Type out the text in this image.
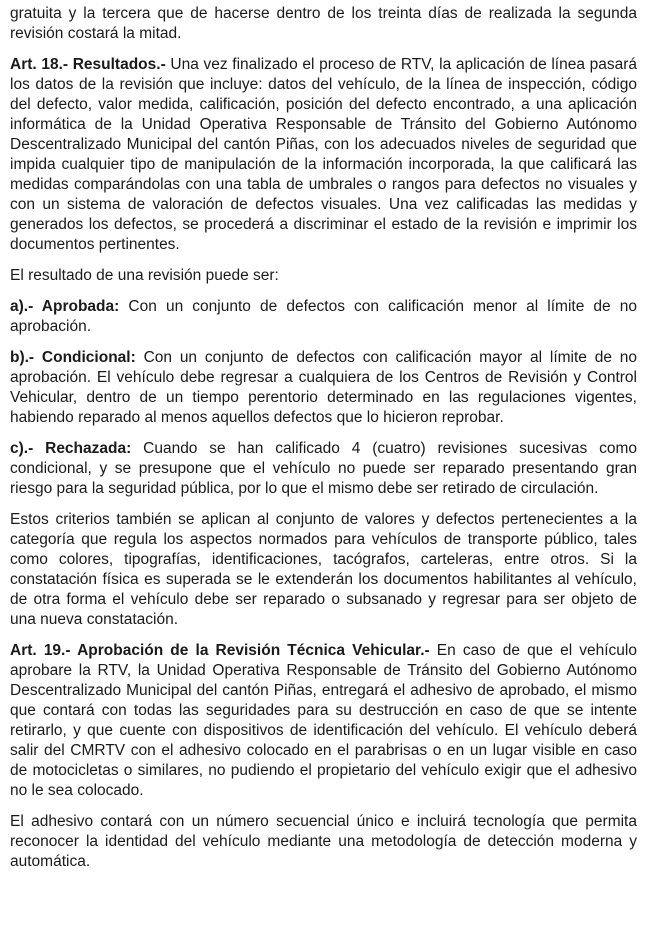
gratuita y la tercera que de hacerse dentro de los treinta días de realizada la segunda revisión costará la mitad.

Art. 18.- Resultados.- Una vez finalizado el proceso de RTV, la aplicación de línea pasará los datos de la revisión que incluye: datos del vehículo, de la línea de inspección, código del defecto, valor medida, calificación, posición del defecto encontrado, a una aplicación informática de la Unidad Operativa Responsable de Tránsito del Gobierno Autónomo Descentralizado Municipal del cantón Piñas, con los adecuados niveles de seguridad que impida cualquier tipo de manipulación de la información incorporada, la que calificará las medidas comparándolas con una tabla de umbrales o rangos para defectos no visuales y con un sistema de valoración de defectos visuales. Una vez calificadas las medidas y generados los defectos, se procederá a discriminar el estado de la revisión e imprimir los documentos pertinentes.

El resultado de una revisión puede ser:

a).- Aprobada: Con un conjunto de defectos con calificación menor al límite de no aprobación.

b).- Condicional: Con un conjunto de defectos con calificación mayor al límite de no aprobación. El vehículo debe regresar a cualquiera de los Centros de Revisión y Control Vehicular, dentro de un tiempo perentorio determinado en las regulaciones vigentes, habiendo reparado al menos aquellos defectos que lo hicieron reprobar.

c).- Rechazada: Cuando se han calificado 4 (cuatro) revisiones sucesivas como condicional, y se presupone que el vehículo no puede ser reparado presentando gran riesgo para la seguridad pública, por lo que el mismo debe ser retirado de circulación.

Estos criterios también se aplican al conjunto de valores y defectos pertenecientes a la categoría que regula los aspectos normados para vehículos de transporte público, tales como colores, tipografías, identificaciones, tacógrafos, carteleras, entre otros. Si la constatación física es superada se le extenderán los documentos habilitantes al vehículo, de otra forma el vehículo debe ser reparado o subsanado y regresar para ser objeto de una nueva constatación.

Art. 19.- Aprobación de la Revisión Técnica Vehicular.- En caso de que el vehículo aprobare la RTV, la Unidad Operativa Responsable de Tránsito del Gobierno Autónomo Descentralizado Municipal del cantón Piñas, entregará el adhesivo de aprobado, el mismo que contará con todas las seguridades para su destrucción en caso de que se intente retirarlo, y que cuente con dispositivos de identificación del vehículo. El vehículo deberá salir del CMRTV con el adhesivo colocado en el parabrisas o en un lugar visible en caso de motocicletas o similares, no pudiendo el propietario del vehículo exigir que el adhesivo no le sea colocado.

El adhesivo contará con un número secuencial único e incluirá tecnología que permita reconocer la identidad del vehículo mediante una metodología de detección moderna y automática.
